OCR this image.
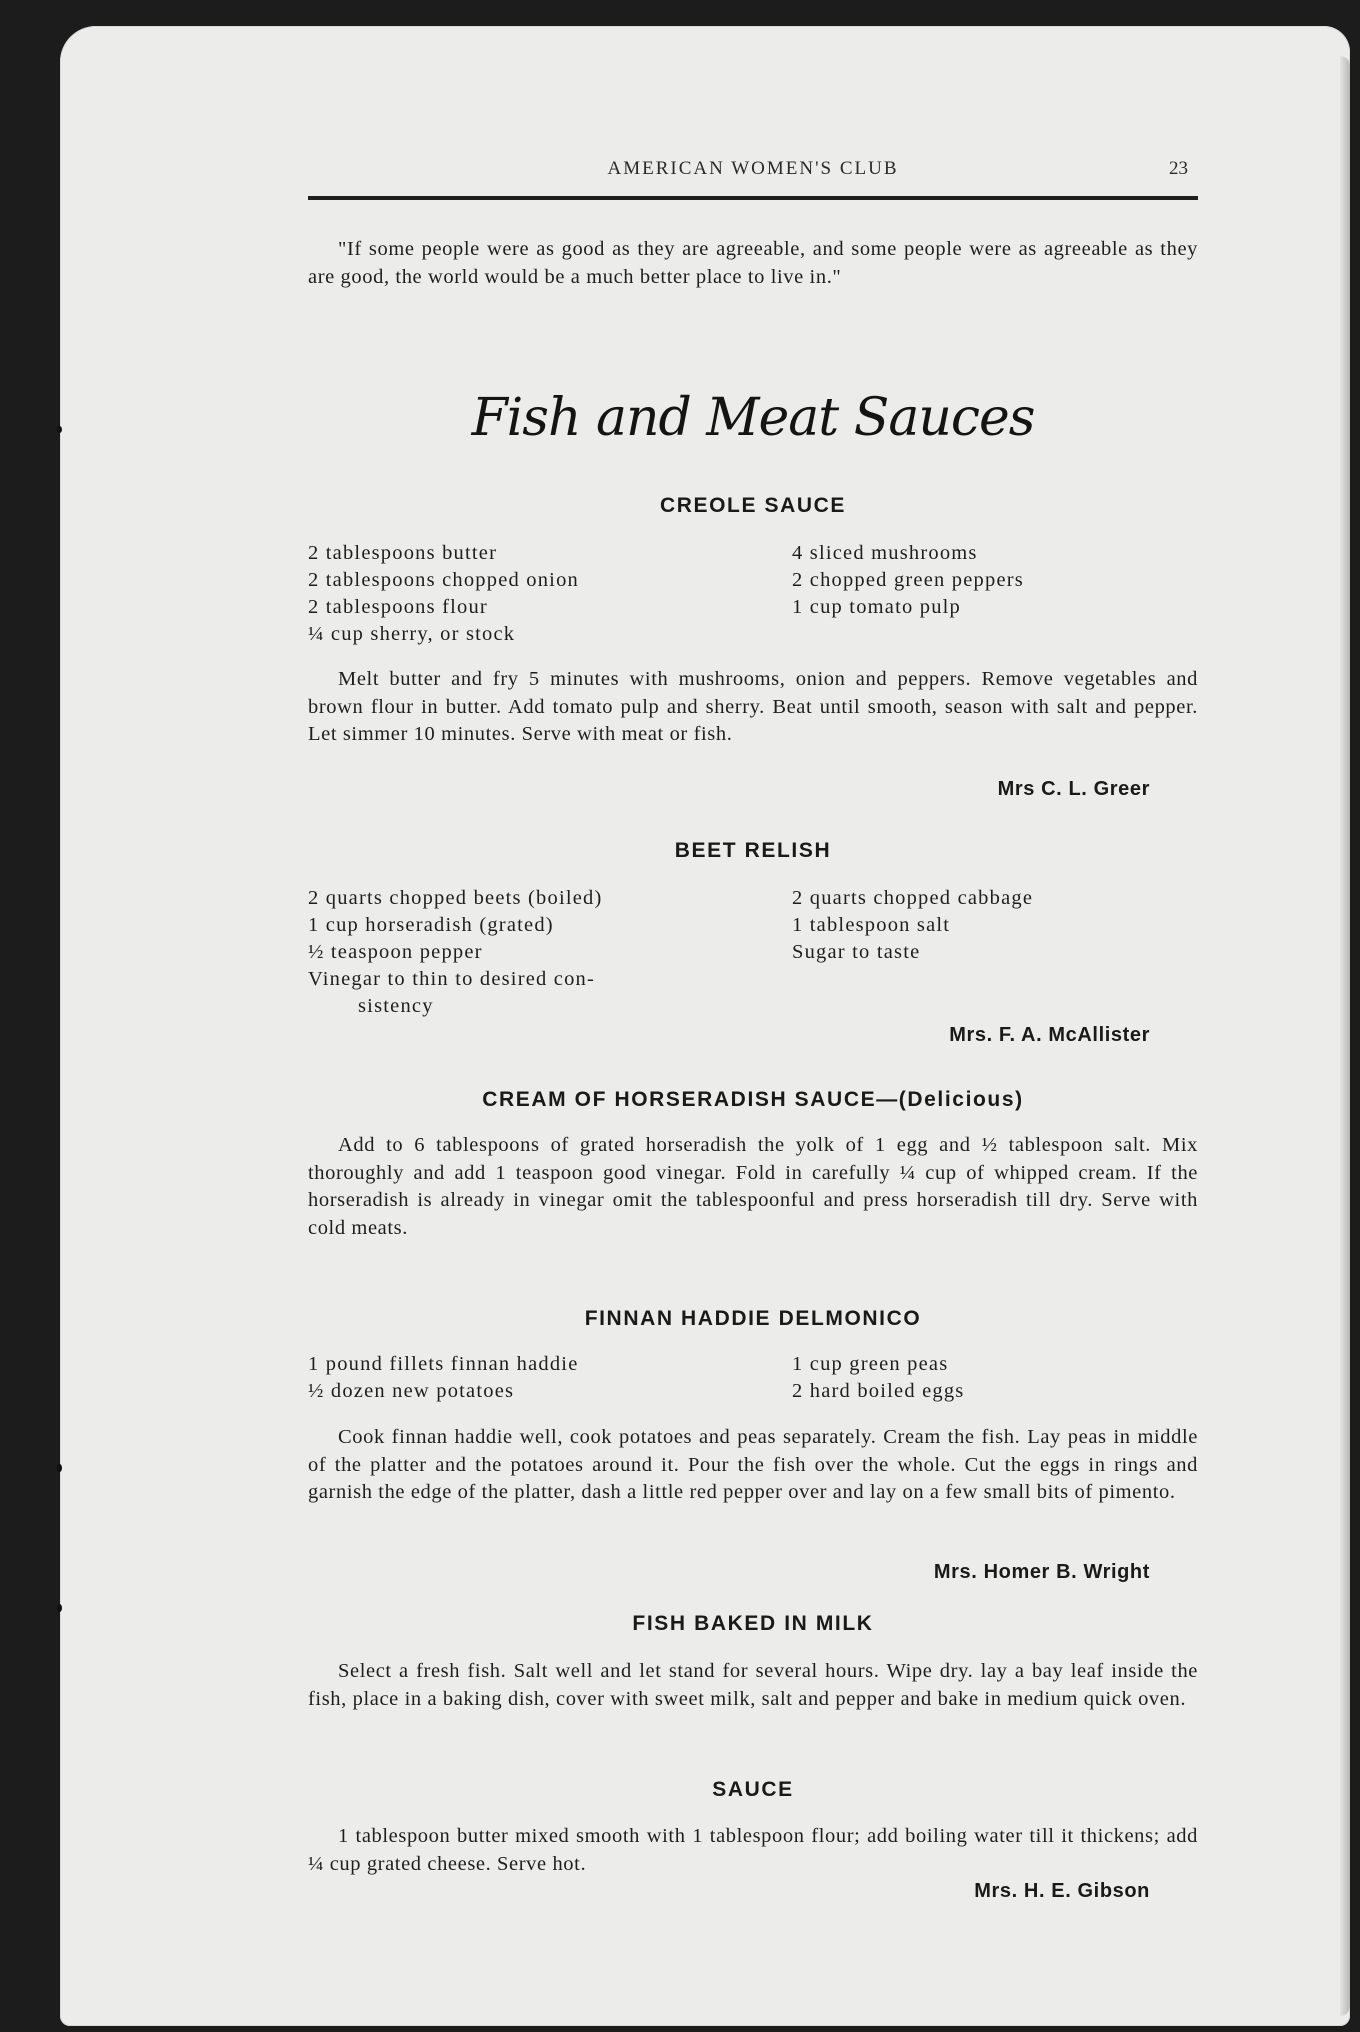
AMERICAN WOMEN'S CLUB	23

"If some people were as good as they are agreeable, and some people were as agreeable as they are good, the world would be a much better place to live in."

Fish and Meat Sauces
CREOLE SAUCE
2 tablespoons butter
2 tablespoons chopped onion
2 tablespoons flour
¼ cup sherry, or stock
4 sliced mushrooms
2 chopped green peppers
1 cup tomato pulp

Melt butter and fry 5 minutes with mushrooms, onion and peppers. Remove vegetables and brown flour in butter. Add tomato pulp and sherry. Beat until smooth, season with salt and pepper. Let simmer 10 minutes. Serve with meat or fish.

Mrs C. L. Greer
BEET RELISH
2 quarts chopped beets (boiled)
1 cup horseradish (grated)
½ teaspoon pepper
Vinegar to thin to desired con-
sistency
2 quarts chopped cabbage
1 tablespoon salt
Sugar to taste
Mrs. F. A. McAllister
CREAM OF HORSERADISH SAUCE—(Delicious)

Add to 6 tablespoons of grated horseradish the yolk of 1 egg and ½ tablespoon salt. Mix thoroughly and add 1 teaspoon good vinegar. Fold in carefully ¼ cup of whipped cream. If the horseradish is already in vinegar omit the tablespoonful and press horseradish till dry. Serve with cold meats.

FINNAN HADDIE DELMONICO
1 pound fillets finnan haddie
½ dozen new potatoes
1 cup green peas
2 hard boiled eggs

Cook finnan haddie well, cook potatoes and peas separately. Cream the fish. Lay peas in middle of the platter and the potatoes around it. Pour the fish over the whole. Cut the eggs in rings and garnish the edge of the platter, dash a little red pepper over and lay on a few small bits of pimento.

Mrs. Homer B. Wright
FISH BAKED IN MILK

Select a fresh fish. Salt well and let stand for several hours. Wipe dry. lay a bay leaf inside the fish, place in a baking dish, cover with sweet milk, salt and pepper and bake in medium quick oven.

SAUCE

1 tablespoon butter mixed smooth with 1 tablespoon flour; add boiling water till it thickens; add ¼ cup grated cheese. Serve hot.

Mrs. H. E. Gibson
